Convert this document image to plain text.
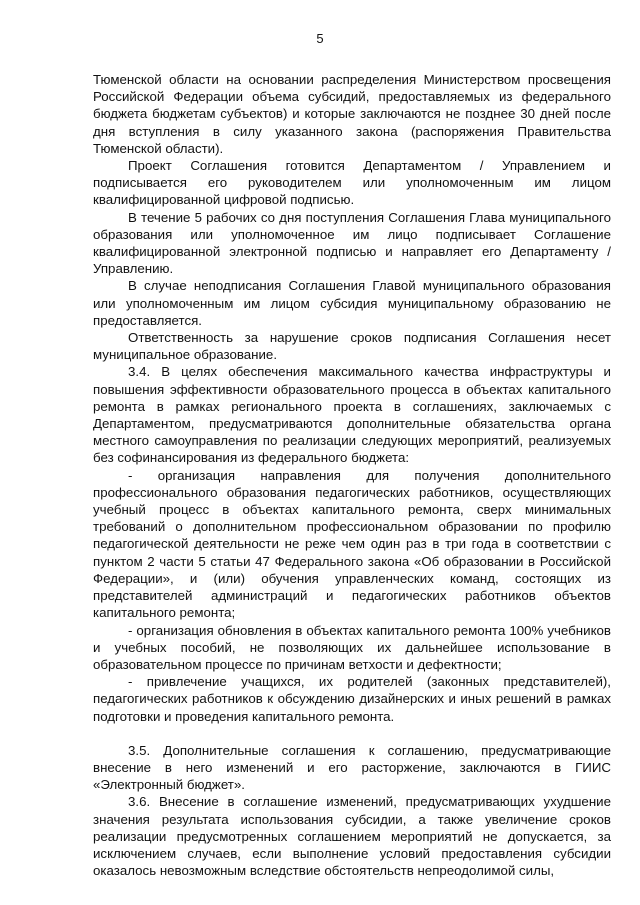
5

Тюменской области на основании распределения Министерством просвещения Российской Федерации объема субсидий, предоставляемых из федерального бюджета бюджетам субъектов) и которые заключаются не позднее 30 дней после дня вступления в силу указанного закона (распоряжения Правительства Тюменской области).

Проект Соглашения готовится Департаментом / Управлением и подписывается его руководителем или уполномоченным им лицом квалифицированной цифровой подписью.

В течение 5 рабочих со дня поступления Соглашения Глава муниципального образования или уполномоченное им лицо подписывает Соглашение квалифицированной электронной подписью и направляет его Департаменту / Управлению.

В случае неподписания Соглашения Главой муниципального образования или уполномоченным им лицом субсидия муниципальному образованию не предоставляется.

Ответственность за нарушение сроков подписания Соглашения несет муниципальное образование.

3.4. В целях обеспечения максимального качества инфраструктуры и повышения эффективности образовательного процесса в объектах капитального ремонта в рамках регионального проекта в соглашениях, заключаемых с Департаментом, предусматриваются дополнительные обязательства органа местного самоуправления по реализации следующих мероприятий, реализуемых без софинансирования из федерального бюджета:

- организация направления для получения дополнительного профессионального образования педагогических работников, осуществляющих учебный процесс в объектах капитального ремонта, сверх минимальных требований о дополнительном профессиональном образовании по профилю педагогической деятельности не реже чем один раз в три года в соответствии с пунктом 2 части 5 статьи 47 Федерального закона «Об образовании в Российской Федерации», и (или) обучения управленческих команд, состоящих из представителей администраций и педагогических работников объектов капитального ремонта;

- организация обновления в объектах капитального ремонта 100% учебников и учебных пособий, не позволяющих их дальнейшее использование в образовательном процессе по причинам ветхости и дефектности;

- привлечение учащихся, их родителей (законных представителей), педагогических работников к обсуждению дизайнерских и иных решений в рамках подготовки и проведения капитального ремонта.

3.5. Дополнительные соглашения к соглашению, предусматривающие внесение в него изменений и его расторжение, заключаются в ГИИС «Электронный бюджет».

3.6. Внесение в соглашение изменений, предусматривающих ухудшение значения результата использования субсидии, а также увеличение сроков реализации предусмотренных соглашением мероприятий не допускается, за исключением случаев, если выполнение условий предоставления субсидии оказалось невозможным вследствие обстоятельств непреодолимой силы,
